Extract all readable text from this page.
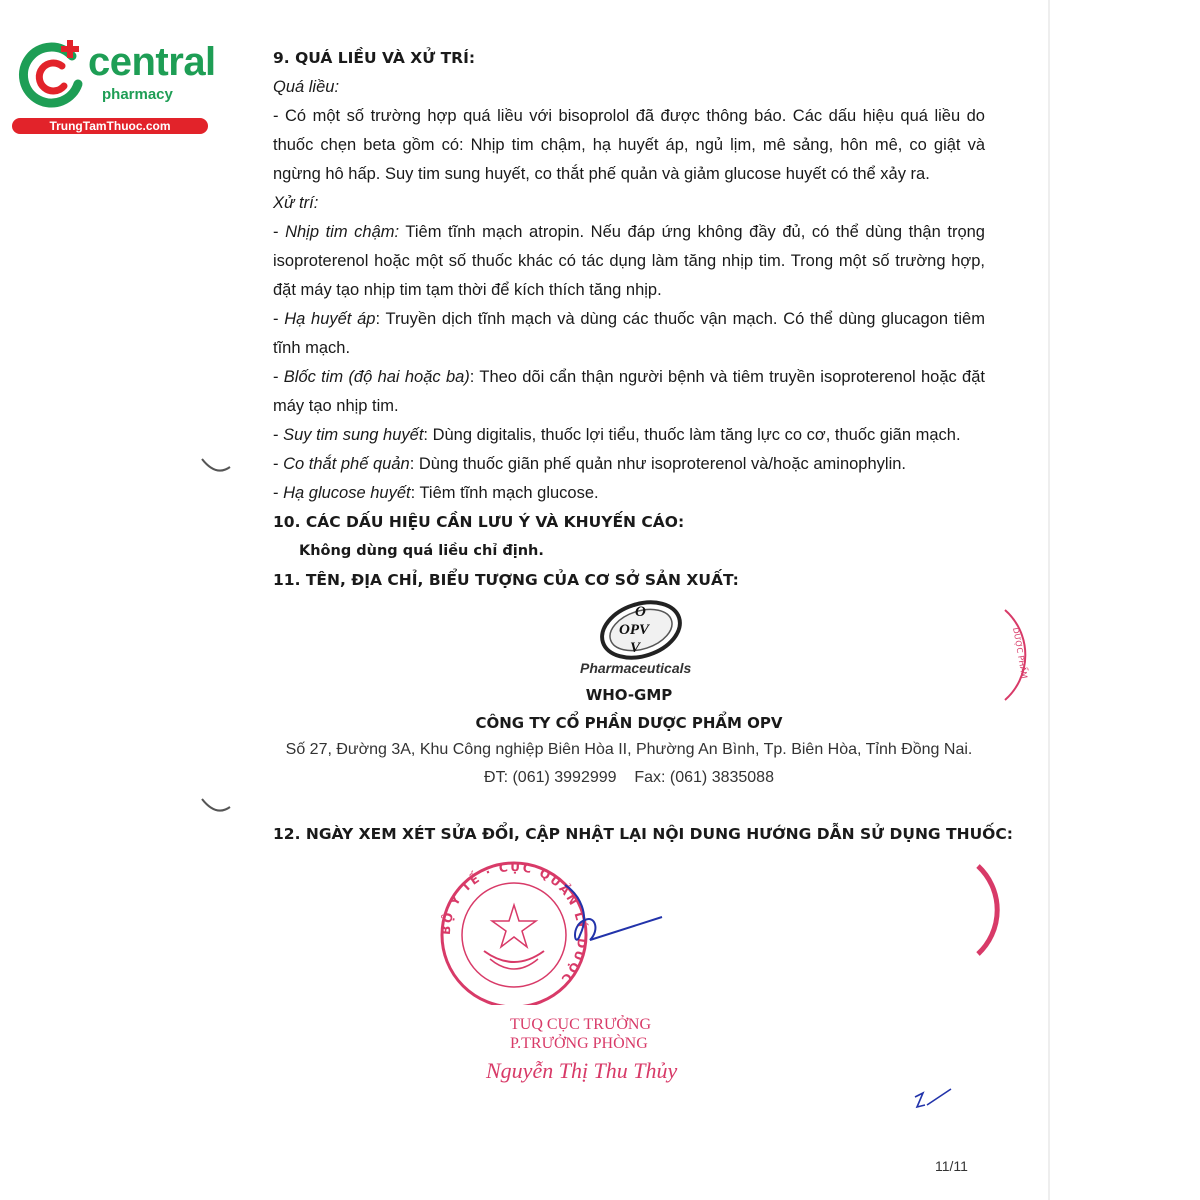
central
pharmacy
TrungTamThuoc.com

9. QUÁ LIỀU VÀ XỬ TRÍ:

Quá liều:

- Có một số trường hợp quá liều với bisoprolol đã được thông báo. Các dấu hiệu quá liều do thuốc chẹn beta gồm có: Nhịp tim chậm, hạ huyết áp, ngủ lịm, mê sảng, hôn mê, co giật và ngừng hô hấp. Suy tim sung huyết, co thắt phế quản và giảm glucose huyết có thể xảy ra.

Xử trí:

- Nhịp tim chậm: Tiêm tĩnh mạch atropin. Nếu đáp ứng không đầy đủ, có thể dùng thận trọng isoproterenol hoặc một số thuốc khác có tác dụng làm tăng nhịp tim. Trong một số trường hợp, đặt máy tạo nhịp tim tạm thời để kích thích tăng nhịp.

- Hạ huyết áp: Truyền dịch tĩnh mạch và dùng các thuốc vận mạch. Có thể dùng glucagon tiêm tĩnh mạch.

- Blốc tim (độ hai hoặc ba): Theo dõi cẩn thận người bệnh và tiêm truyền isoproterenol hoặc đặt máy tạo nhịp tim.

- Suy tim sung huyết: Dùng digitalis, thuốc lợi tiểu, thuốc làm tăng lực co cơ, thuốc giãn mạch.

- Co thắt phế quản: Dùng thuốc giãn phế quản như isoproterenol và/hoặc aminophylin.

- Hạ glucose huyết: Tiêm tĩnh mạch glucose.

10. CÁC DẤU HIỆU CẦN LƯU Ý VÀ KHUYẾN CÁO:

Không dùng quá liều chỉ định.

11. TÊN, ĐỊA CHỈ, BIỂU TƯỢNG CỦA CƠ SỞ SẢN XUẤT:

O
OPV
V
Pharmaceuticals
WHO-GMP
CÔNG TY CỔ PHẦN DƯỢC PHẨM OPV
Số 27, Đường 3A, Khu Công nghiệp Biên Hòa II, Phường An Bình, Tp. Biên Hòa, Tỉnh Đồng Nai.
ĐT: (061) 3992999 Fax: (061) 3835088
12. NGÀY XEM XÉT SỬA ĐỔI, CẬP NHẬT LẠI NỘI DUNG HƯỚNG DẪN SỬ DỤNG THUỐC:
BỘ Y TẾ · CỤC QUẢN LÝ DƯỢC
TUQ CỤC TRƯỞNG
P.TRƯỞNG PHÒNG
Nguyễn Thị Thu Thủy
DƯỢC PHẨM
11/11
